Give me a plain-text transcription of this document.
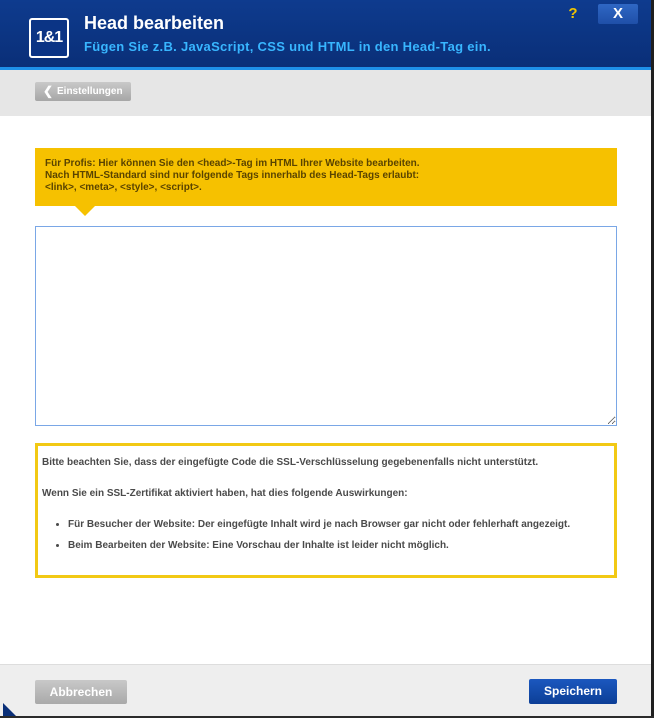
1&1
Head bearbeiten
Fügen Sie z.B. JavaScript, CSS und HTML in den Head-Tag ein.
?	X
❮ Einstellungen
Für Profis: Hier können Sie den <head>-Tag im HTML Ihrer Website bearbeiten.
Nach HTML-Standard sind nur folgende Tags innerhalb des Head-Tags erlaubt:
<link>, <meta>, <style>, <script>.

Bitte beachten Sie, dass der eingefügte Code die SSL-Verschlüsselung gegebenenfalls nicht unterstützt.

Wenn Sie ein SSL-Zertifikat aktiviert haben, hat dies folgende Auswirkungen:

• Für Besucher der Website: Der eingefügte Inhalt wird je nach Browser gar nicht oder fehlerhaft angezeigt.
• Beim Bearbeiten der Website: Eine Vorschau der Inhalte ist leider nicht möglich.
Abbrechen	Speichern
